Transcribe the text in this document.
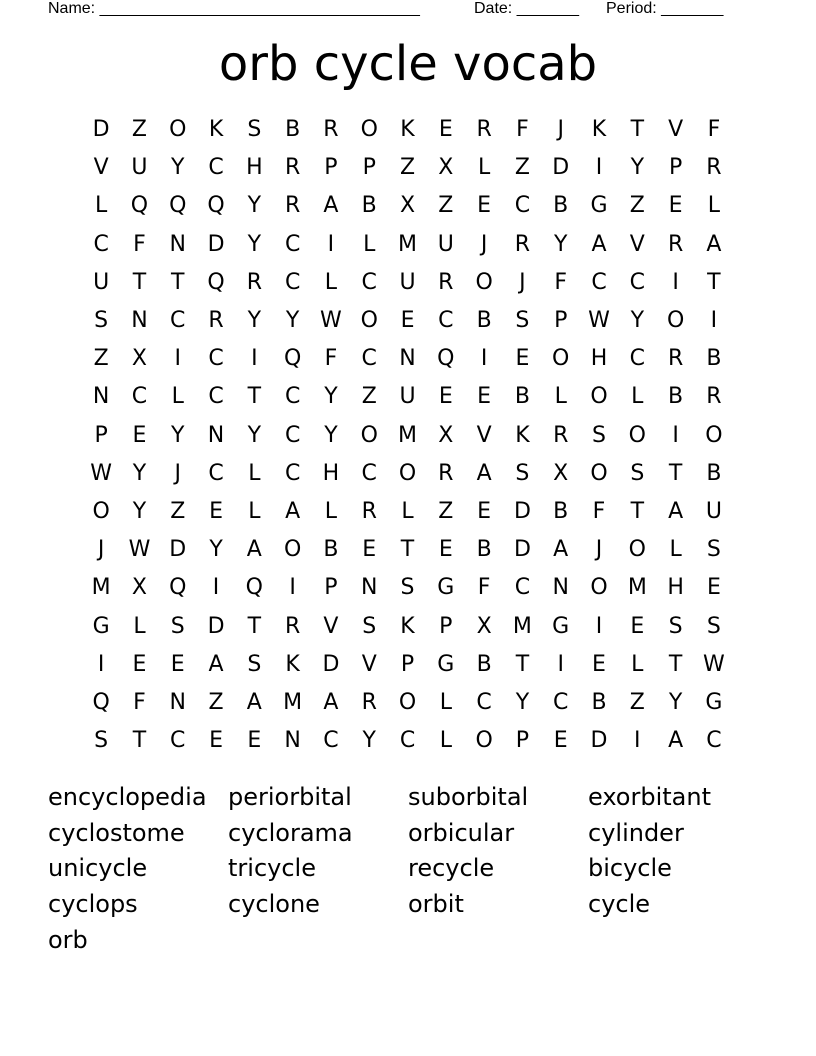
Name: ____________________________________	Date: _______ Period: _______
orb cycle vocab
D	Z	O	K	S	B	R O	K	E	R	F	J	K	T	V	F
V	U	Y	C	H	R	P	P	Z	X	L	Z	D	I	Y	P	R
L	Q Q Q	Y	R	A	B	X	Z	E	C	B	G	Z	E	L
C	F	N D	Y	C	I	L	M U	J	R	Y	A	V	R	A
U	T	T	Q R	C	L	C	U	R O	J	F	C	C	I	T
S	N	C	R	Y	Y W O	E	C	B	S	P W Y	O	I
Z	X	I	C	I	Q	F	C	N Q	I	E	O H	C	R	B
N	C	L	C	T	C	Y	Z	U	E	E	B	L	O	L	B	R
P	E	Y	N	Y	C	Y	O M X	V	K	R	S	O	I	O
W Y	J	C	L	C	H	C O R	A	S	X	O	S	T	B
O	Y	Z	E	L	A	L	R	L	Z	E	D	B	F	T	A	U
J	W D	Y	A	O	B	E	T	E	B	D	A	J	O	L	S
M X	Q	I	Q	I	P	N	S	G	F	C	N O M H	E
G	L	S	D	T	R	V	S	K	P	X M G	I	E	S	S
I	E	E	A	S	K	D	V	P	G	B	T	I	E	L	T W
Q	F	N	Z	A M A	R O	L	C	Y	C	B	Z	Y	G
S	T	C	E	E	N	C	Y	C	L	O	P	E	D	I	A	C
encyclopedia periorbital	suborbital	exorbitant
cyclostome	cyclorama	orbicular	cylinder
unicycle	tricycle	recycle	bicycle
cyclops	cyclone	orbit	cycle
orb
